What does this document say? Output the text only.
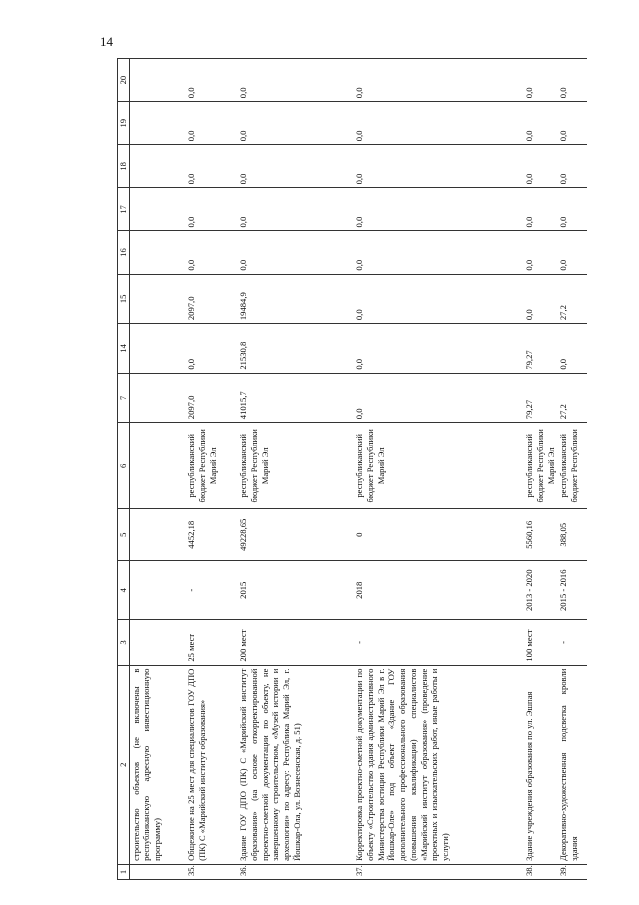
14
1	2	3	4	5	6	7	14	15	16	17	18	19	20
	строительство объектов (не включены в республиканскую адресную инвестиционную программу)												
35.	Общежитие на 25 мест для специалистов ГОУ ДПО (ПК) С «Марийский институт образования»	25 мест	-	4452,18	республиканский бюджет Республики Марий Эл	2097,0	0,0	2097,0	0,0	0,0	0,0	0,0	0,0
36.	Здание ГОУ ДПО (ПК) С «Марийский институт образования» (на основе откорректированной проектно-сметной документации по объекту, не завершенному строительством, «Музей истории и археологии» по адресу: Республика Марий Эл, г. Йошкар-Ола, ул. Вознесенская, д. 51)	200 мест	2015	49228,65	республиканский бюджет Республики Марий Эл	41015,7	21530,8	19484,9	0,0	0,0	0,0	0,0	0,0
37.	Корректировка проектно-сметной документации по объекту «Строительство здания административного Министерства юстиции Республики Марий Эл в г. Йошкар-Оле» под объект «Здание ГОУ дополнительного профессионального образования (повышения квалификации) специалистов «Марийский институт образования» (проведение проектных и изыскательских работ, иные работы и услуги)	-	2018	0	республиканский бюджет Республики Марий Эл	0,0	0,0	0,0	0,0	0,0	0,0	0,0	0,0
38.	Здание учреждения образования по ул. Эшпая	100 мест	2013 - 2020	5560,16	республиканский бюджет Республики Марий Эл	79,27	79,27	0,0	0,0	0,0	0,0	0,0	0,0
39.	Декоративно-художественная подсветка кровли здания	-	2015 - 2016	388,05	республиканский бюджет Республики	27,2	0,0	27,2	0,0	0,0	0,0	0,0	0,0
